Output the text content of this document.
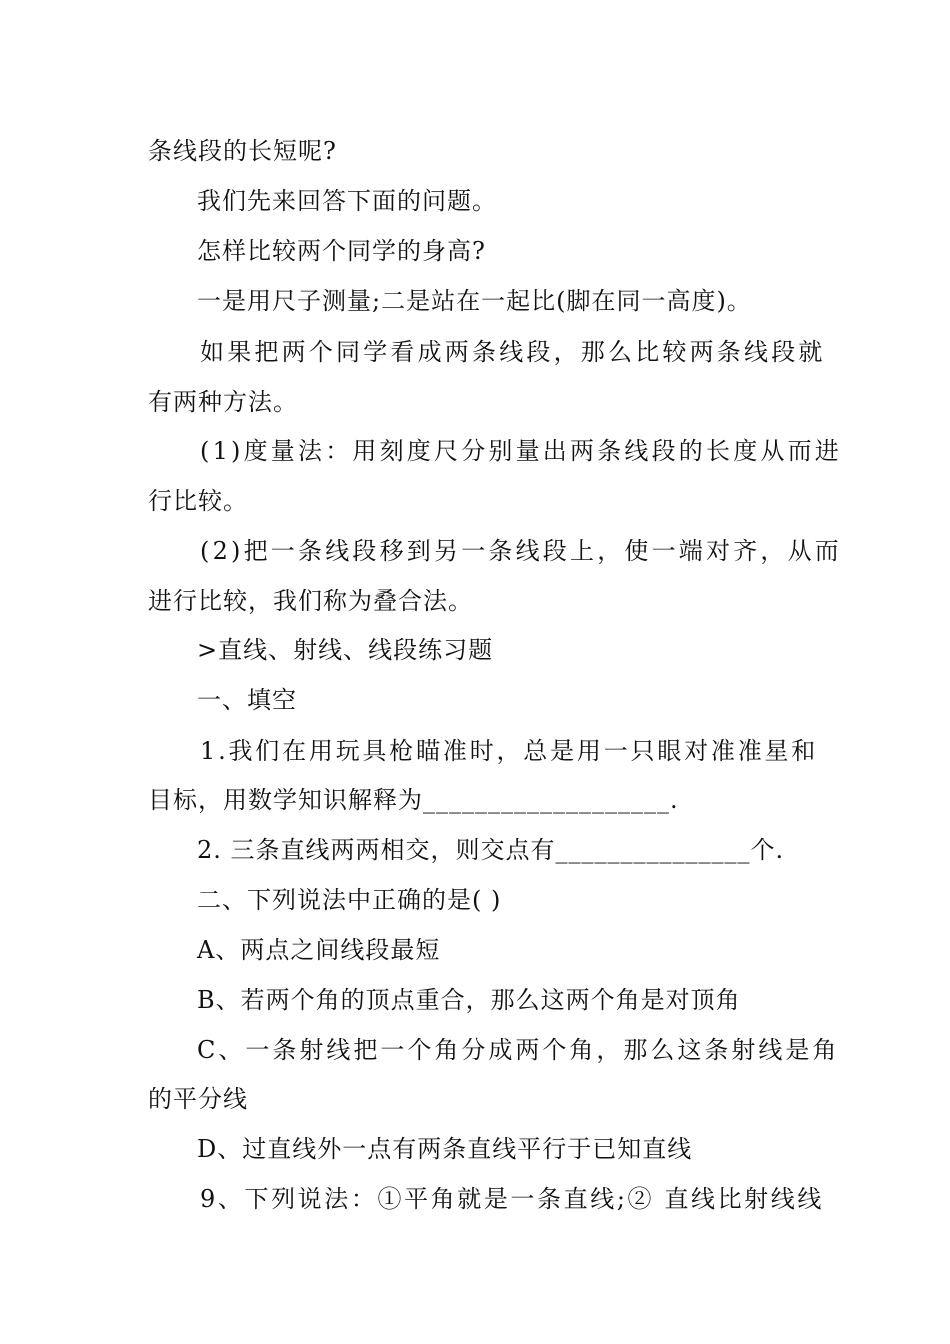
条线段的长短呢?
我们先来回答下面的问题。
怎样比较两个同学的身高?
一是用尺子测量;二是站在一起比(脚在同一高度)。
如果把两个同学看成两条线段，那么比较两条线段就
有两种方法。
(1)度量法：用刻度尺分别量出两条线段的长度从而进
行比较。
(2)把一条线段移到另一条线段上，使一端对齐，从而
进行比较，我们称为叠合法。
>直线、射线、线段练习题
一、填空
1.我们在用玩具枪瞄准时，总是用一只眼对准准星和
目标，用数学知识解释为___________________.
2. 三条直线两两相交，则交点有_______________个.
二、下列说法中正确的是( )
A、两点之间线段最短
B、若两个角的顶点重合，那么这两个角是对顶角
C、一条射线把一个角分成两个角，那么这条射线是角
的平分线
D、过直线外一点有两条直线平行于已知直线
9、下列说法：①平角就是一条直线;② 直线比射线线
